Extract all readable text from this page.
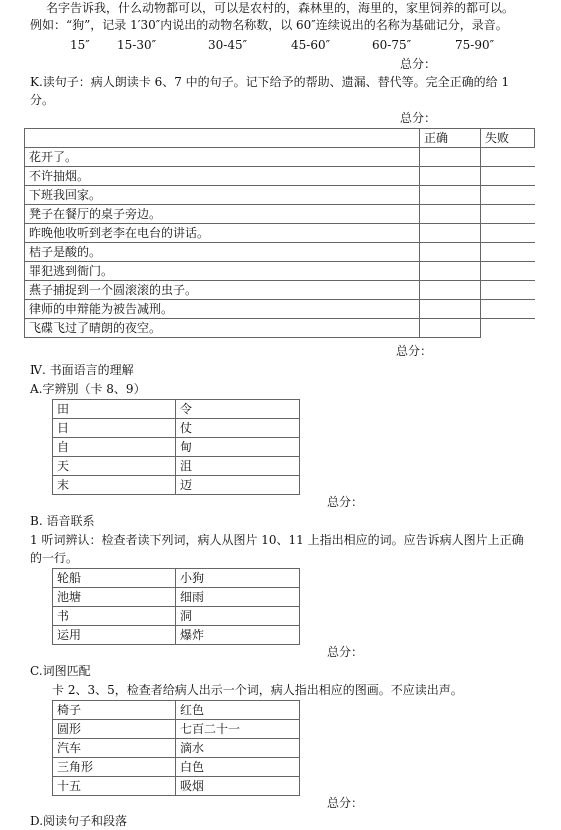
名字告诉我，什么动物都可以，可以是农村的，森林里的，海里的，家里饲养的都可以。
例如：“狗”，记录 1′30″内说出的动物名称数，以 60″连续说出的名称为基础记分，录音。
15″ 15-30″	30-45″	45-60″	60-75″	75-90″
总分：
K.读句子：病人朗读卡 6、7 中的句子。记下给予的帮助、遗漏、替代等。完全正确的给 1
分。
总分：
	正确	失败
花开了。		
不许抽烟。		
下班我回家。		
凳子在餐厅的桌子旁边。		
昨晚他收听到老李在电台的讲话。		
桔子是酸的。		
罪犯逃到衙门。		
燕子捕捉到一个圆滚滚的虫子。		
律师的申辩能为被告减刑。		
飞碟飞过了晴朗的夜空。		
总分：
Ⅳ. 书面语言的理解
A.字辨别（卡 8、9）
田	令
日	仗
自	甸
天	沮
末	迈
总分：
B. 语音联系
1 听词辨认：检查者读下列词，病人从图片 10、11 上指出相应的词。应告诉病人图片上正确
的一行。
轮船	小狗
池塘	细雨
书	洞
运用	爆炸
总分：
C.词图匹配
卡 2、3、5，检查者给病人出示一个词，病人指出相应的图画。不应读出声。
椅子	红色
圆形	七百二十一
汽车	滴水
三角形	白色
十五	吸烟
总分：
D.阅读句子和段落
